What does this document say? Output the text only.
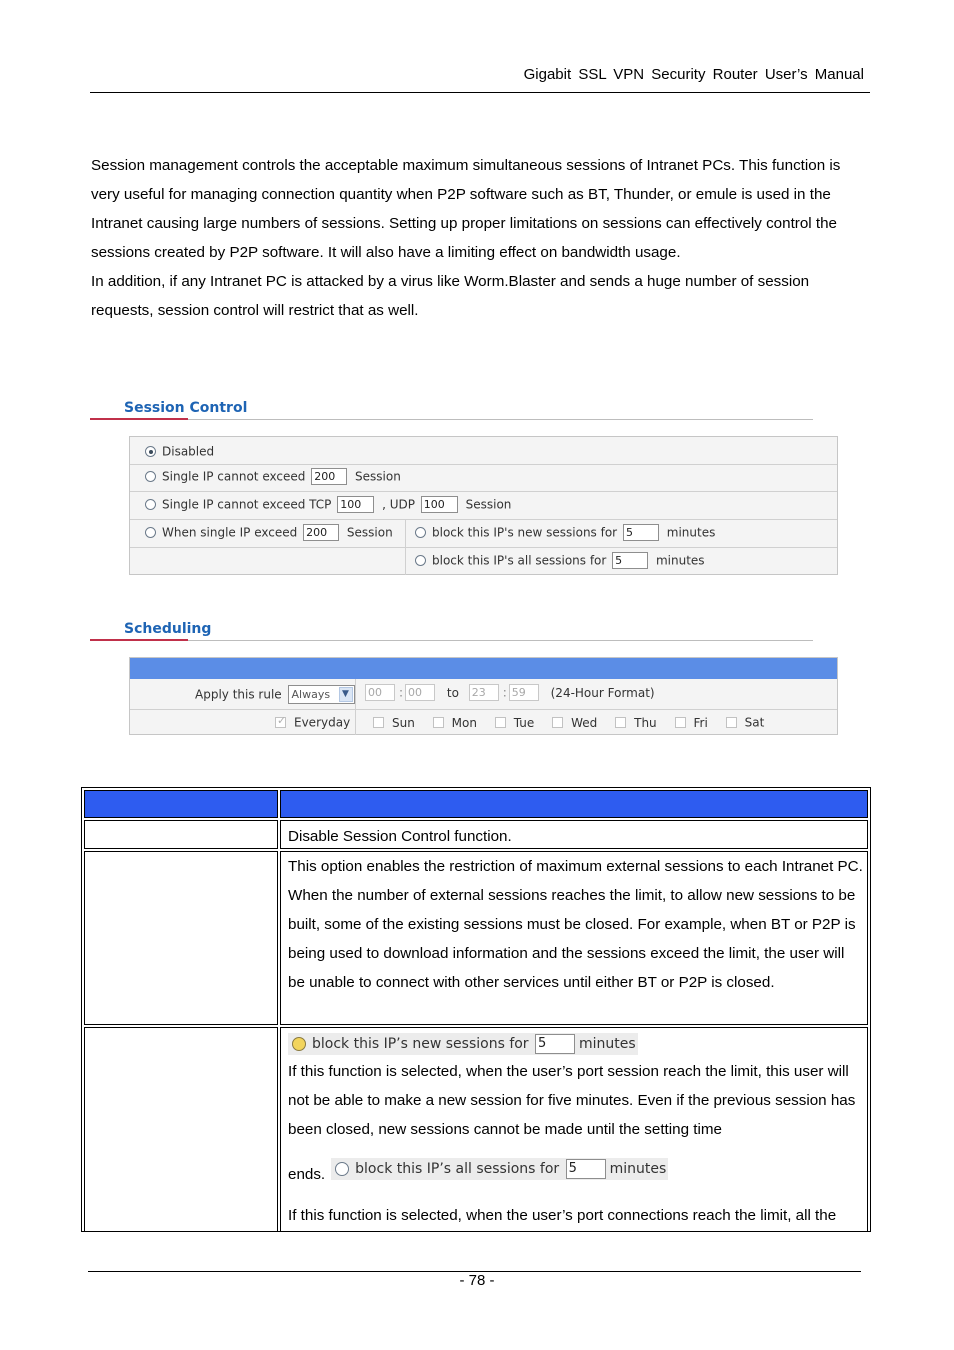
Gigabit SSL VPN Security Router User’s Manual

Session management controls the acceptable maximum simultaneous sessions of Intranet PCs. This function is very useful for managing connection quantity when P2P software such as BT, Thunder, or emule is used in the Intranet causing large numbers of sessions. Setting up proper limitations on sessions can effectively control the sessions created by P2P software. It will also have a limiting effect on bandwidth usage.

In addition, if any Intranet PC is attacked by a virus like Worm.Blaster and sends a huge number of session requests, session control will restrict that as well.

Session Control
Disabled
Single IP cannot exceed 200 Session
Single IP cannot exceed TCP 100 , UDP 100 Session
When single IP exceed 200 Session	block this IP's new sessions for 5	minutes
block this IP's all sessions for 5	minutes
Scheduling
Apply this rule Always	▼	00 : 00 to 23 : 59 (24-Hour Format)
✓ Everyday	Sun	Mon	Tue	Wed	Thu	Fri	Sat
Disable Session Control function.
This option enables the restriction of maximum external sessions to each Intranet PC. When the number of external sessions reaches the limit, to allow new sessions to be built, some of the existing sessions must be closed. For example, when BT or P2P is being used to download information and the sessions exceed the limit, the user will be unable to connect with other services until either BT or P2P is closed.
block this IP’s new sessions for 5 minutes
If this function is selected, when the user’s port session reach the limit, this user will not be able to make a new session for five minutes. Even if the previous session has been closed, new sessions cannot be made until the setting time
ends. block this IP’s all sessions for 5 minutes
If this function is selected, when the user’s port connections reach the limit, all the
- 78 -
